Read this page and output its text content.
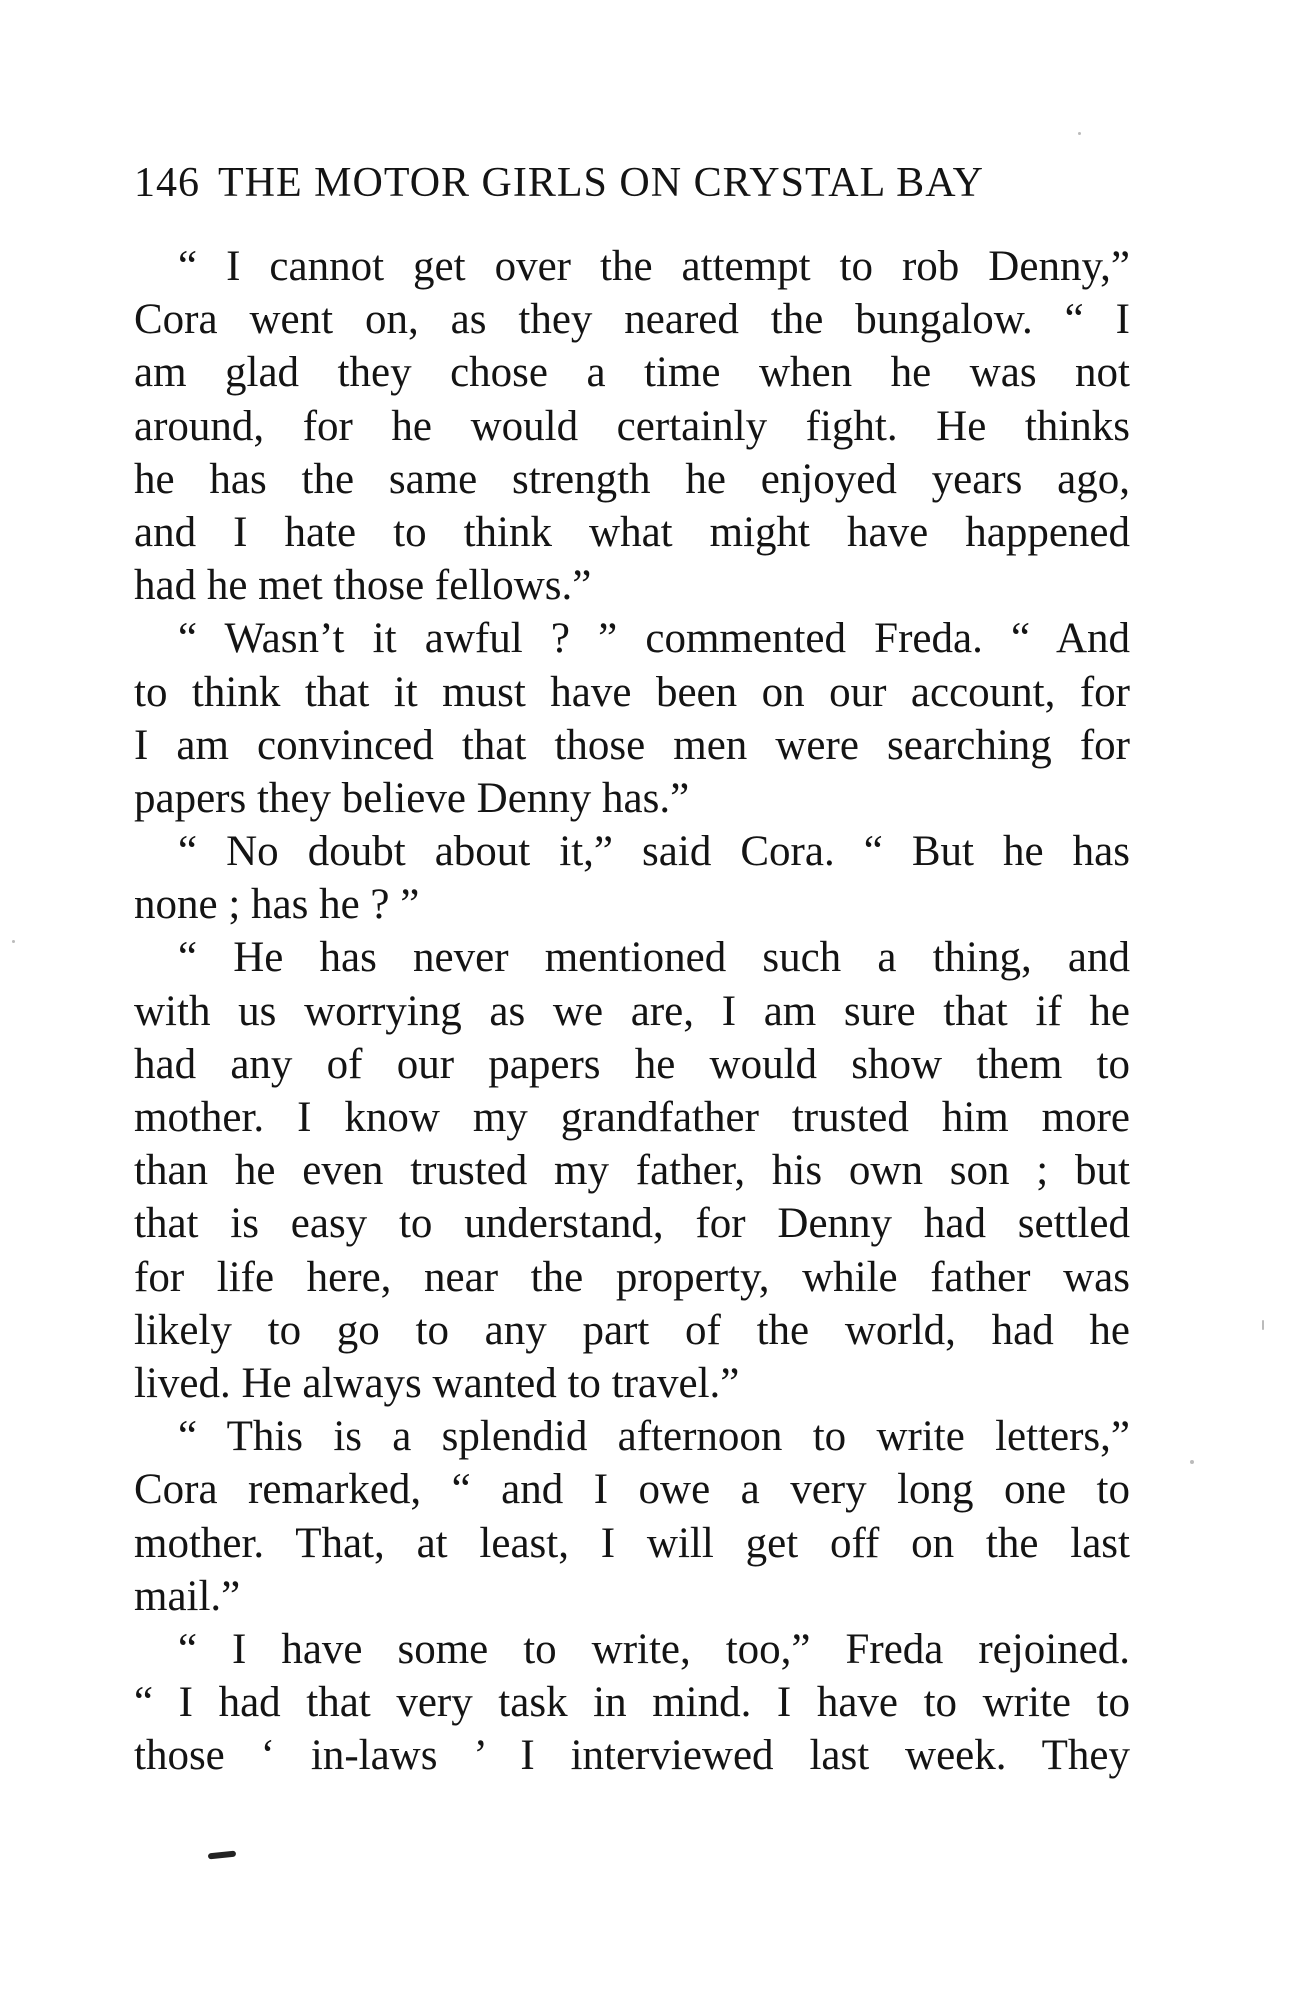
146 THE MOTOR GIRLS ON CRYSTAL BAY
“ I cannot get over the attempt to rob Denny,”
Cora went on, as they neared the bungalow. “ I
am glad they chose a time when he was not
around, for he would certainly fight. He thinks
he has the same strength he enjoyed years ago,
and I hate to think what might have happened
had he met those fellows.”
“ Wasn’t it awful ? ” commented Freda. “ And
to think that it must have been on our account, for
I am convinced that those men were searching for
papers they believe Denny has.”
“ No doubt about it,” said Cora. “ But he has
none ; has he ? ”
“ He has never mentioned such a thing, and
with us worrying as we are, I am sure that if he
had any of our papers he would show them to
mother. I know my grandfather trusted him more
than he even trusted my father, his own son ; but
that is easy to understand, for Denny had settled
for life here, near the property, while father was
likely to go to any part of the world, had he
lived. He always wanted to travel.”
“ This is a splendid afternoon to write letters,”
Cora remarked, “ and I owe a very long one to
mother. That, at least, I will get off on the last
mail.”
“ I have some to write, too,” Freda rejoined.
“ I had that very task in mind. I have to write to
those ‘ in-laws ’ I interviewed last week. They
